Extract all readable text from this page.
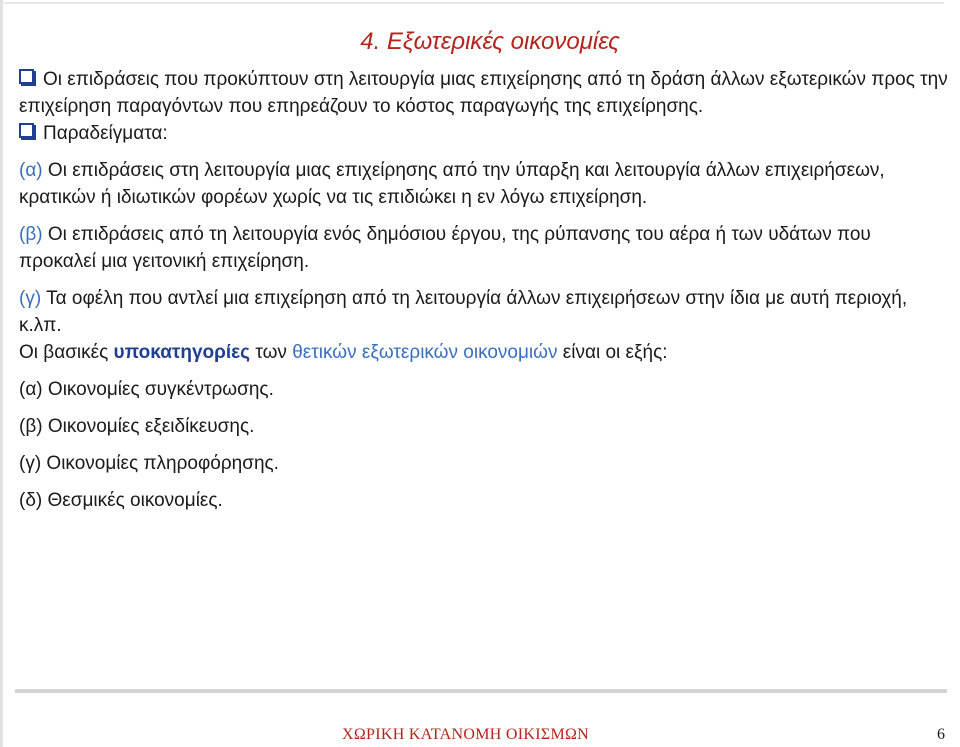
4. Εξωτερικές οικονομίες

Οι επιδράσεις που προκύπτουν στη λειτουργία μιας επιχείρησης από τη δράση άλλων εξωτερικών προς την επιχείρηση παραγόντων που επηρεάζουν το κόστος παραγωγής της επιχείρησης.

Παραδείγματα:

(α) Οι επιδράσεις στη λειτουργία μιας επιχείρησης από την ύπαρξη και λειτουργία άλλων επιχειρήσεων, κρατικών ή ιδιωτικών φορέων χωρίς να τις επιδιώκει η εν λόγω επιχείρηση.

(β) Οι επιδράσεις από τη λειτουργία ενός δημόσιου έργου, της ρύπανσης του αέρα ή των υδάτων που προκαλεί μια γειτονική επιχείρηση.

(γ) Τα οφέλη που αντλεί μια επιχείρηση από τη λειτουργία άλλων επιχειρήσεων στην ίδια με αυτή περιοχή, κ.λπ.

Οι βασικές υποκατηγορίες των θετικών εξωτερικών οικονομιών είναι οι εξής:

(α) Οικονομίες συγκέντρωσης.

(β) Οικονομίες εξειδίκευσης.

(γ) Οικονομίες πληροφόρησης.

(δ) Θεσμικές οικονομίες.

ΧΩΡΙΚΗ ΚΑΤΑΝΟΜΗ ΟΙΚΙΣΜΩΝ	6
